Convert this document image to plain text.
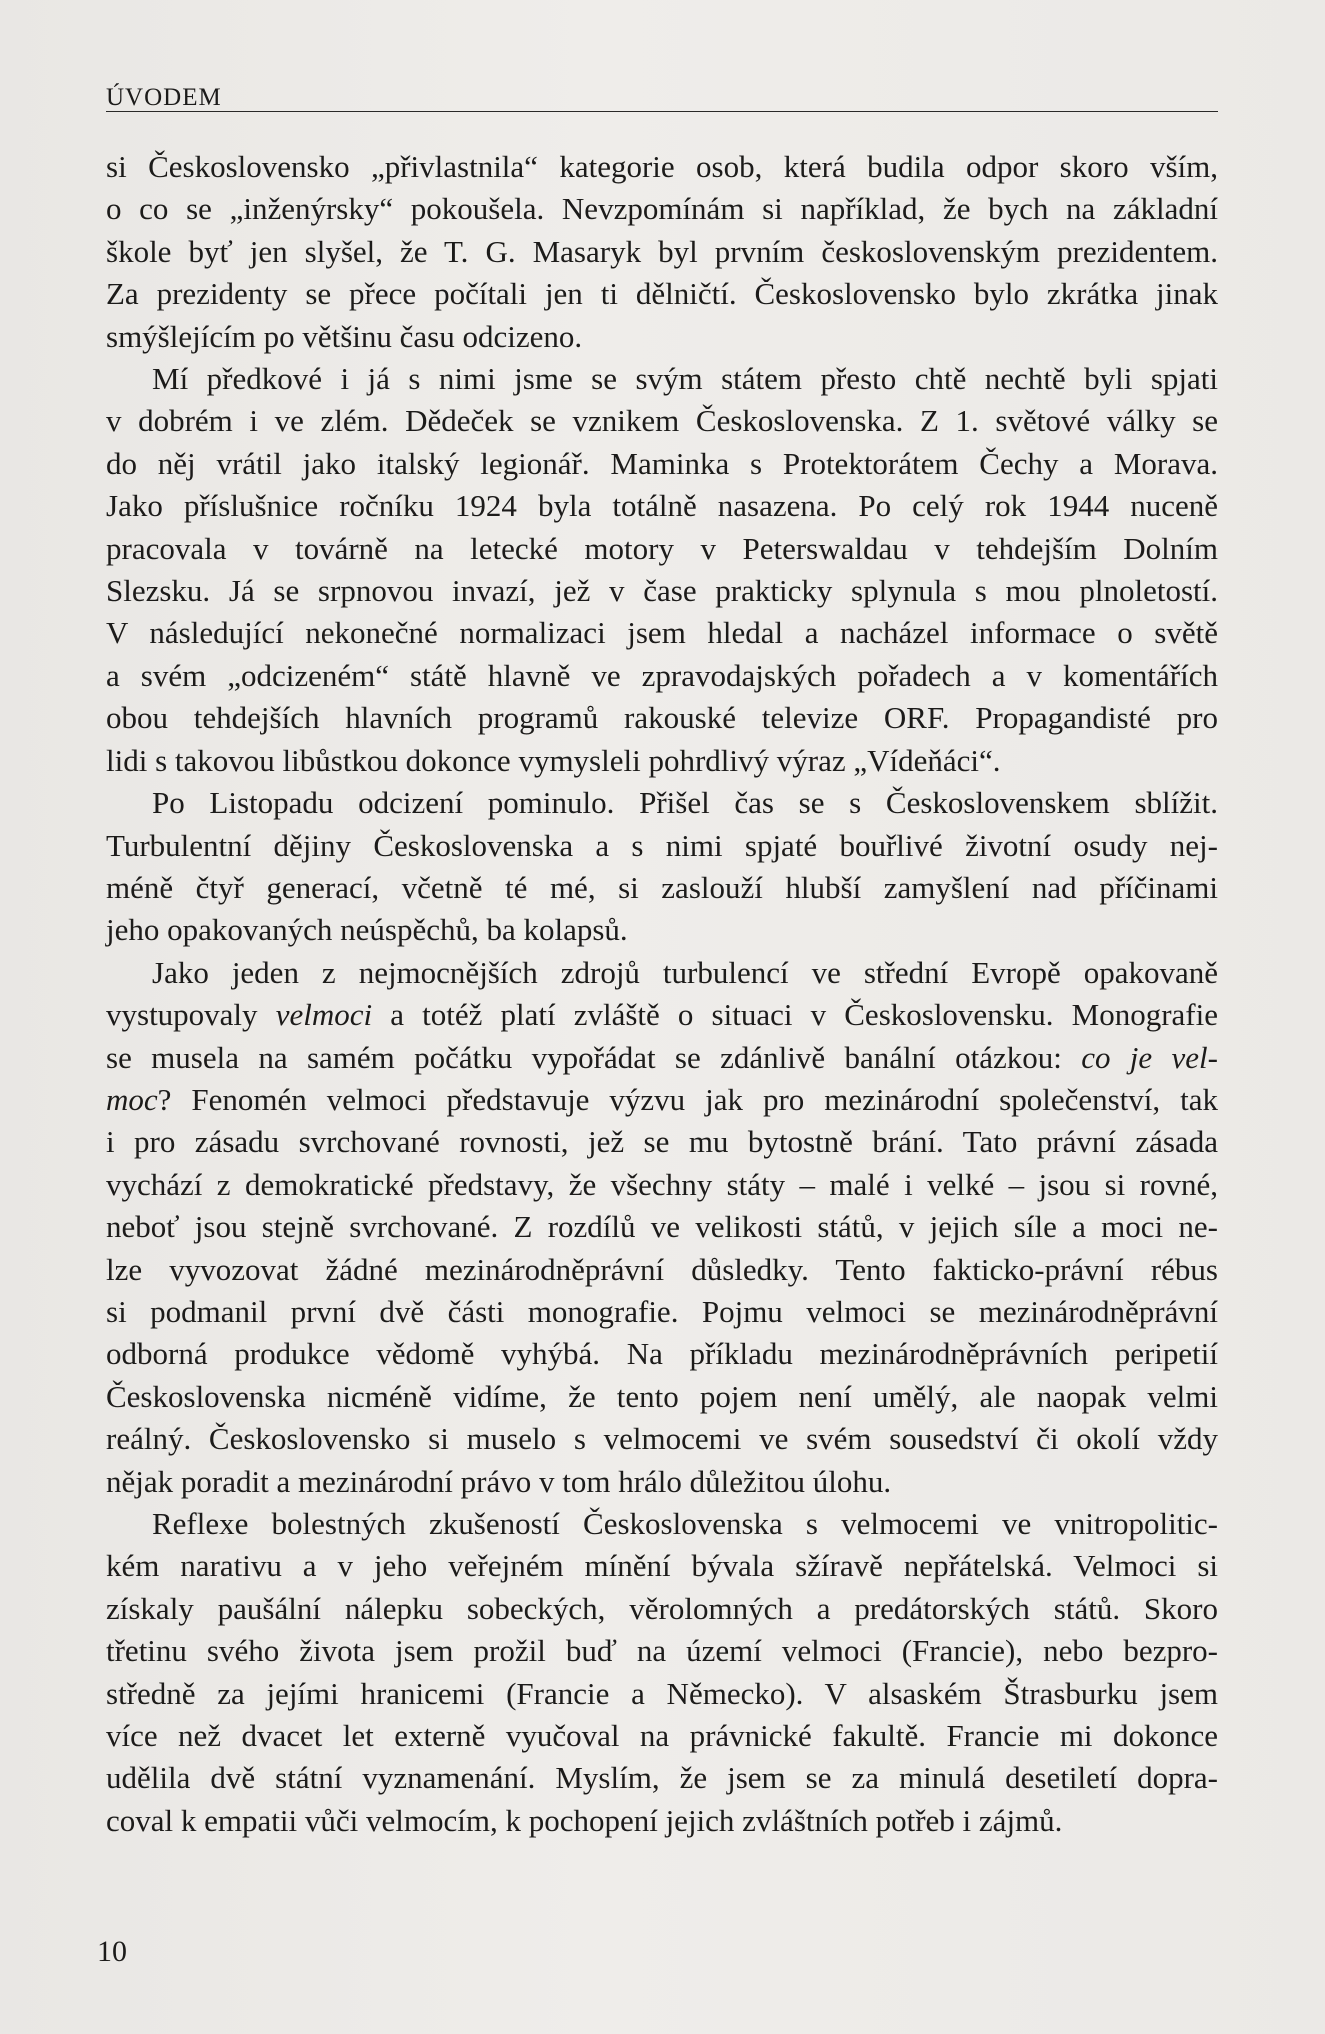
ÚVODEM

si Československo „přivlastnila“ kategorie osob, která budila odpor skoro vším,
o co se „inženýrsky“ pokoušela. Nevzpomínám si například, že bych na základní
škole byť jen slyšel, že T. G. Masaryk byl prvním československým prezidentem.
Za prezidenty se přece počítali jen ti dělničtí. Československo bylo zkrátka jinak
smýšlejícím po většinu času odcizeno.

Mí předkové i já s nimi jsme se svým státem přesto chtě nechtě byli spjati
v dobrém i ve zlém. Dědeček se vznikem Československa. Z 1. světové války se
do něj vrátil jako italský legionář. Maminka s Protektorátem Čechy a Morava.
Jako příslušnice ročníku 1924 byla totálně nasazena. Po celý rok 1944 nuceně
pracovala v továrně na letecké motory v Peterswaldau v tehdejším Dolním
Slezsku. Já se srpnovou invazí, jež v čase prakticky splynula s mou plnoletostí.
V následující nekonečné normalizaci jsem hledal a nacházel informace o světě
a svém „odcizeném“ státě hlavně ve zpravodajských pořadech a v komentářích
obou tehdejších hlavních programů rakouské televize ORF. Propagandisté pro
lidi s takovou libůstkou dokonce vymysleli pohrdlivý výraz „Vídeňáci“.

Po Listopadu odcizení pominulo. Přišel čas se s Československem sblížit.
Turbulentní dějiny Československa a s nimi spjaté bouřlivé životní osudy nej-
méně čtyř generací, včetně té mé, si zaslouží hlubší zamyšlení nad příčinami
jeho opakovaných neúspěchů, ba kolapsů.

Jako jeden z nejmocnějších zdrojů turbulencí ve střední Evropě opakovaně
vystupovaly velmoci a totéž platí zvláště o situaci v Československu. Monografie
se musela na samém počátku vypořádat se zdánlivě banální otázkou: co je vel-
moc? Fenomén velmoci představuje výzvu jak pro mezinárodní společenství, tak
i pro zásadu svrchované rovnosti, jež se mu bytostně brání. Tato právní zásada
vychází z demokratické představy, že všechny státy – malé i velké – jsou si rovné,
neboť jsou stejně svrchované. Z rozdílů ve velikosti států, v jejich síle a moci ne-
lze vyvozovat žádné mezinárodněprávní důsledky. Tento fakticko-právní rébus
si podmanil první dvě části monografie. Pojmu velmoci se mezinárodněprávní
odborná produkce vědomě vyhýbá. Na příkladu mezinárodněprávních peripetií
Československa nicméně vidíme, že tento pojem není umělý, ale naopak velmi
reálný. Československo si muselo s velmocemi ve svém sousedství či okolí vždy
nějak poradit a mezinárodní právo v tom hrálo důležitou úlohu.

Reflexe bolestných zkušeností Československa s velmocemi ve vnitropolitic-
kém narativu a v jeho veřejném mínění bývala sžíravě nepřátelská. Velmoci si
získaly paušální nálepku sobeckých, věrolomných a predátorských států. Skoro
třetinu svého života jsem prožil buď na území velmoci (Francie), nebo bezpro-
středně za jejími hranicemi (Francie a Německo). V alsaském Štrasburku jsem
více než dvacet let externě vyučoval na právnické fakultě. Francie mi dokonce
udělila dvě státní vyznamenání. Myslím, že jsem se za minulá desetiletí dopra-
coval k empatii vůči velmocím, k pochopení jejich zvláštních potřeb i zájmů.

10
